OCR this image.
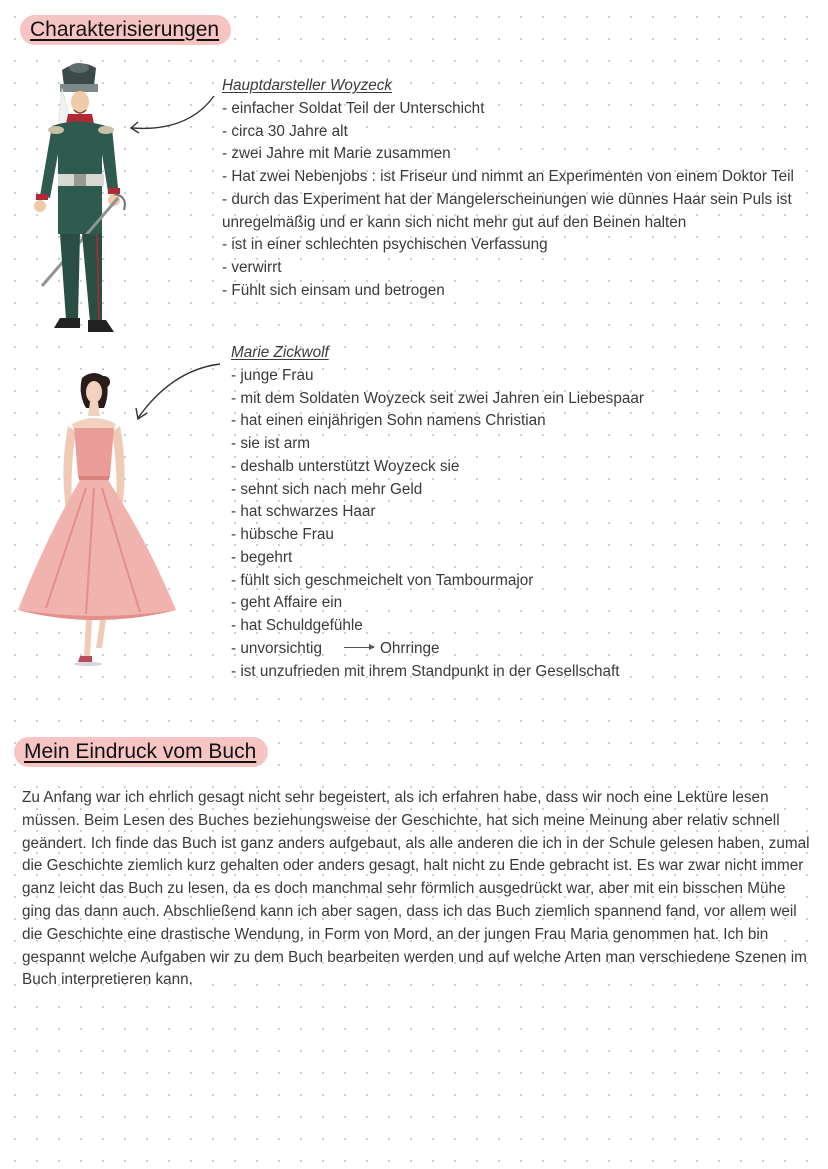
Charakterisierungen
Hauptdarsteller Woyzeck
- einfacher Soldat Teil der Unterschicht
- circa 30 Jahre alt
- zwei Jahre mit Marie zusammen
- Hat zwei Nebenjobs : ist Friseur und nimmt an Experimenten von einem Doktor Teil
- durch das Experiment hat der Mangelerscheinungen wie dünnes Haar sein Puls ist unregelmäßig und er kann sich nicht mehr gut auf den Beinen halten
- ist in einer schlechten psychischen Verfassung
- verwirrt
- Fühlt sich einsam und betrogen
Marie Zickwolf
- junge Frau
- mit dem Soldaten Woyzeck seit zwei Jahren ein Liebespaar
- hat einen einjährigen Sohn namens Christian
- sie ist arm
- deshalb unterstützt Woyzeck sie
- sehnt sich nach mehr Geld
- hat schwarzes Haar
- hübsche Frau
- begehrt
- fühlt sich geschmeichelt von Tambourmajor
- geht Affaire ein
- hat Schuldgefühle
- unvorsichtig	Ohrringe
- ist unzufrieden mit ihrem Standpunkt in der Gesellschaft
Mein Eindruck vom Buch
Zu Anfang war ich ehrlich gesagt nicht sehr begeistert, als ich erfahren habe, dass wir noch eine Lektüre lesen müssen. Beim Lesen des Buches beziehungsweise der Geschichte, hat sich meine Meinung aber relativ schnell geändert. Ich finde das Buch ist ganz anders aufgebaut, als alle anderen die ich in der Schule gelesen haben, zumal die Geschichte ziemlich kurz gehalten oder anders gesagt, halt nicht zu Ende gebracht ist. Es war zwar nicht immer ganz leicht das Buch zu lesen, da es doch manchmal sehr förmlich ausgedrückt war, aber mit ein bisschen Mühe ging das dann auch. Abschließend kann ich aber sagen, dass ich das Buch ziemlich spannend fand, vor allem weil die Geschichte eine drastische Wendung, in Form von Mord, an der jungen Frau Maria genommen hat. Ich bin gespannt welche Aufgaben wir zu dem Buch bearbeiten werden und auf welche Arten man verschiedene Szenen im Buch interpretieren kann.
